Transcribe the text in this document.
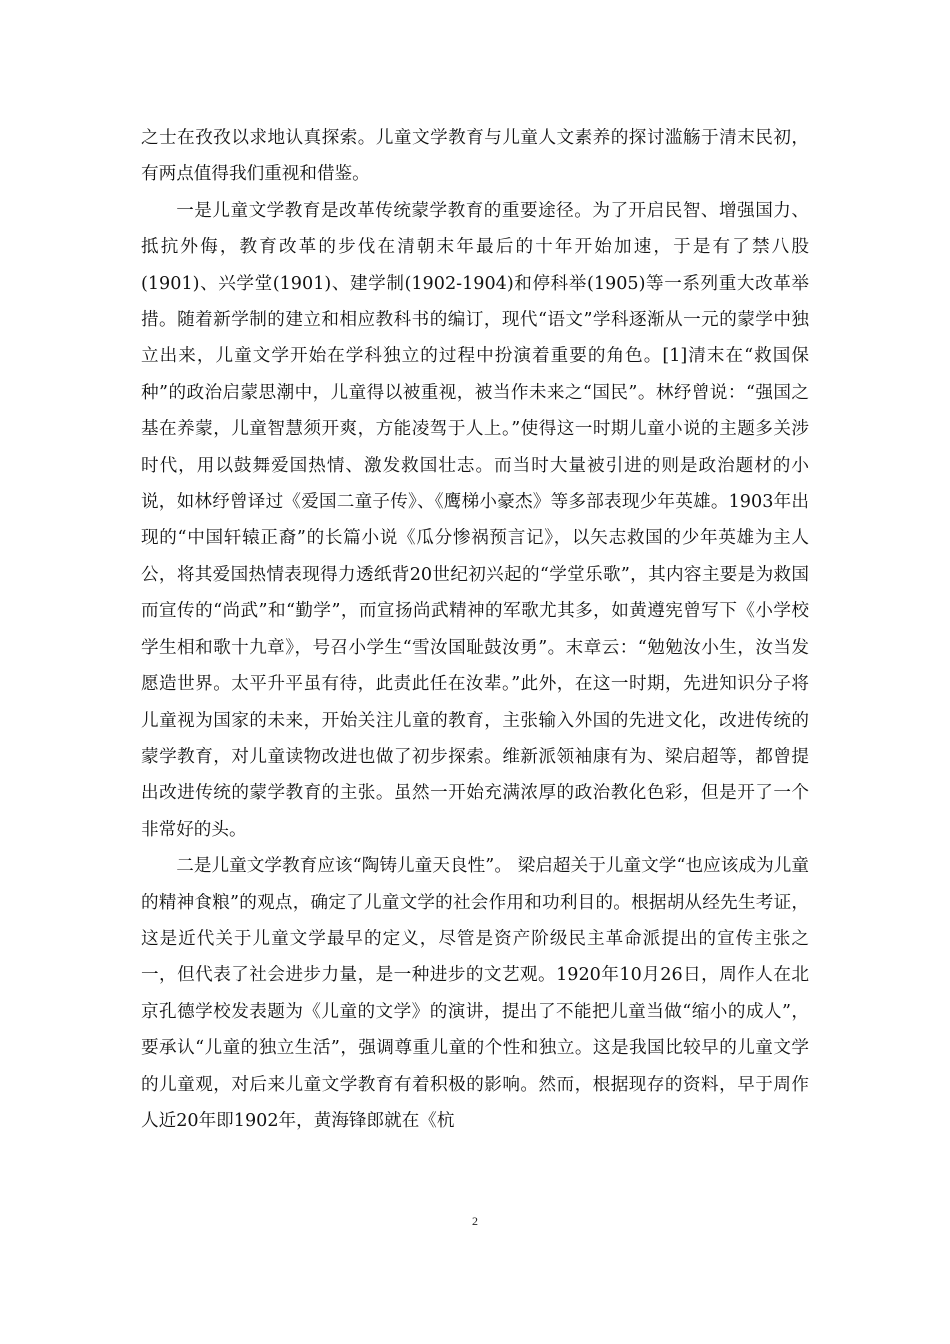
之士在孜孜以求地认真探索。儿童文学教育与儿童人文素养的探讨滥觞于清末民初，有两点值得我们重视和借鉴。

一是儿童文学教育是改革传统蒙学教育的重要途径。为了开启民智、增强国力、抵抗外侮，教育改革的步伐在清朝末年最后的十年开始加速，于是有了禁八股(1901)、兴学堂(1901)、建学制(1902-1904)和停科举(1905)等一系列重大改革举措。随着新学制的建立和相应教科书的编订，现代“语文”学科逐渐从一元的蒙学中独立出来，儿童文学开始在学科独立的过程中扮演着重要的角色。[1]清末在“救国保种”的政治启蒙思潮中，儿童得以被重视，被当作未来之“国民”。林纾曾说：“强国之基在养蒙，儿童智慧须开爽，方能凌驾于人上。”使得这一时期儿童小说的主题多关涉时代，用以鼓舞爱国热情、激发救国壮志。而当时大量被引进的则是政治题材的小说，如林纾曾译过《爱国二童子传》、《鹰梯小豪杰》等多部表现少年英雄。1903年出现的“中国轩辕正裔”的长篇小说《瓜分惨祸预言记》，以矢志救国的少年英雄为主人公，将其爱国热情表现得力透纸背20世纪初兴起的“学堂乐歌”，其内容主要是为救国而宣传的“尚武”和“勤学”，而宣扬尚武精神的军歌尤其多，如黄遵宪曾写下《小学校学生相和歌十九章》，号召小学生“雪汝国耻鼓汝勇”。末章云：“勉勉汝小生，汝当发愿造世界。太平升平虽有待，此责此任在汝辈。”此外，在这一时期，先进知识分子将儿童视为国家的未来，开始关注儿童的教育，主张输入外国的先进文化，改进传统的蒙学教育，对儿童读物改进也做了初步探索。维新派领袖康有为、梁启超等，都曾提出改进传统的蒙学教育的主张。虽然一开始充满浓厚的政治教化色彩，但是开了一个非常好的头。

二是儿童文学教育应该“陶铸儿童天良性”。 梁启超关于儿童文学“也应该成为儿童的精神食粮”的观点，确定了儿童文学的社会作用和功利目的。根据胡从经先生考证，这是近代关于儿童文学最早的定义，尽管是资产阶级民主革命派提出的宣传主张之一，但代表了社会进步力量，是一种进步的文艺观。1920年10月26日，周作人在北京孔德学校发表题为《儿童的文学》的演讲，提出了不能把儿童当做“缩小的成人”，要承认“儿童的独立生活”，强调尊重儿童的个性和独立。这是我国比较早的儿童文学的儿童观，对后来儿童文学教育有着积极的影响。然而，根据现存的资料，早于周作人近20年即1902年，黄海锋郎就在《杭

2
